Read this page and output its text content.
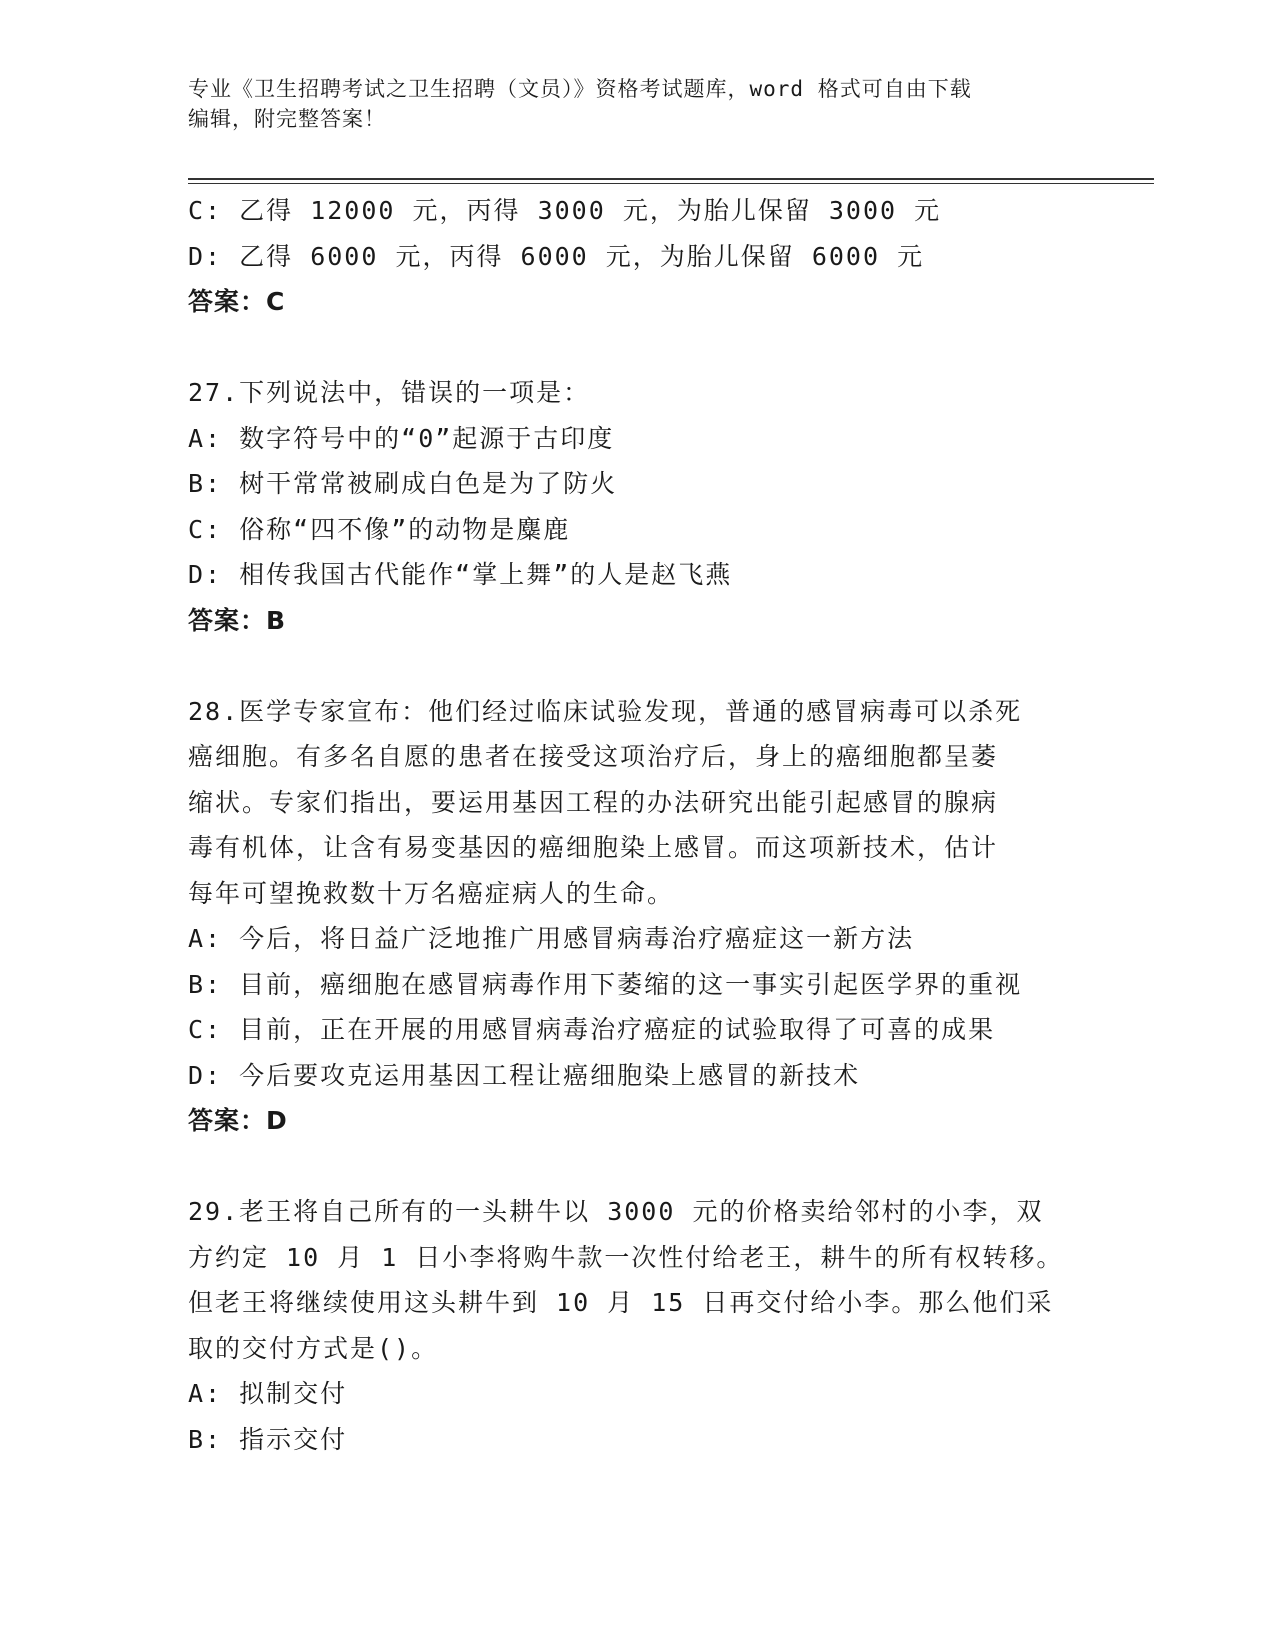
专业《卫生招聘考试之卫生招聘（文员）》资格考试题库，word 格式可自由下载
编辑，附完整答案！
C: 乙得 12000 元，丙得 3000 元，为胎儿保留 3000 元
D: 乙得 6000 元，丙得 6000 元，为胎儿保留 6000 元
答案：C
27.下列说法中，错误的一项是：
A: 数字符号中的“0”起源于古印度
B: 树干常常被刷成白色是为了防火
C: 俗称“四不像”的动物是麋鹿
D: 相传我国古代能作“掌上舞”的人是赵飞燕
答案：B
28.医学专家宣布：他们经过临床试验发现，普通的感冒病毒可以杀死
癌细胞。有多名自愿的患者在接受这项治疗后，身上的癌细胞都呈萎
缩状。专家们指出，要运用基因工程的办法研究出能引起感冒的腺病
毒有机体，让含有易变基因的癌细胞染上感冒。而这项新技术，估计
每年可望挽救数十万名癌症病人的生命。
A: 今后，将日益广泛地推广用感冒病毒治疗癌症这一新方法
B: 目前，癌细胞在感冒病毒作用下萎缩的这一事实引起医学界的重视
C: 目前，正在开展的用感冒病毒治疗癌症的试验取得了可喜的成果
D: 今后要攻克运用基因工程让癌细胞染上感冒的新技术
答案：D
29.老王将自己所有的一头耕牛以 3000 元的价格卖给邻村的小李，双
方约定 10 月 1 日小李将购牛款一次性付给老王，耕牛的所有权转移。
但老王将继续使用这头耕牛到 10 月 15 日再交付给小李。那么他们采
取的交付方式是()。
A: 拟制交付
B: 指示交付
